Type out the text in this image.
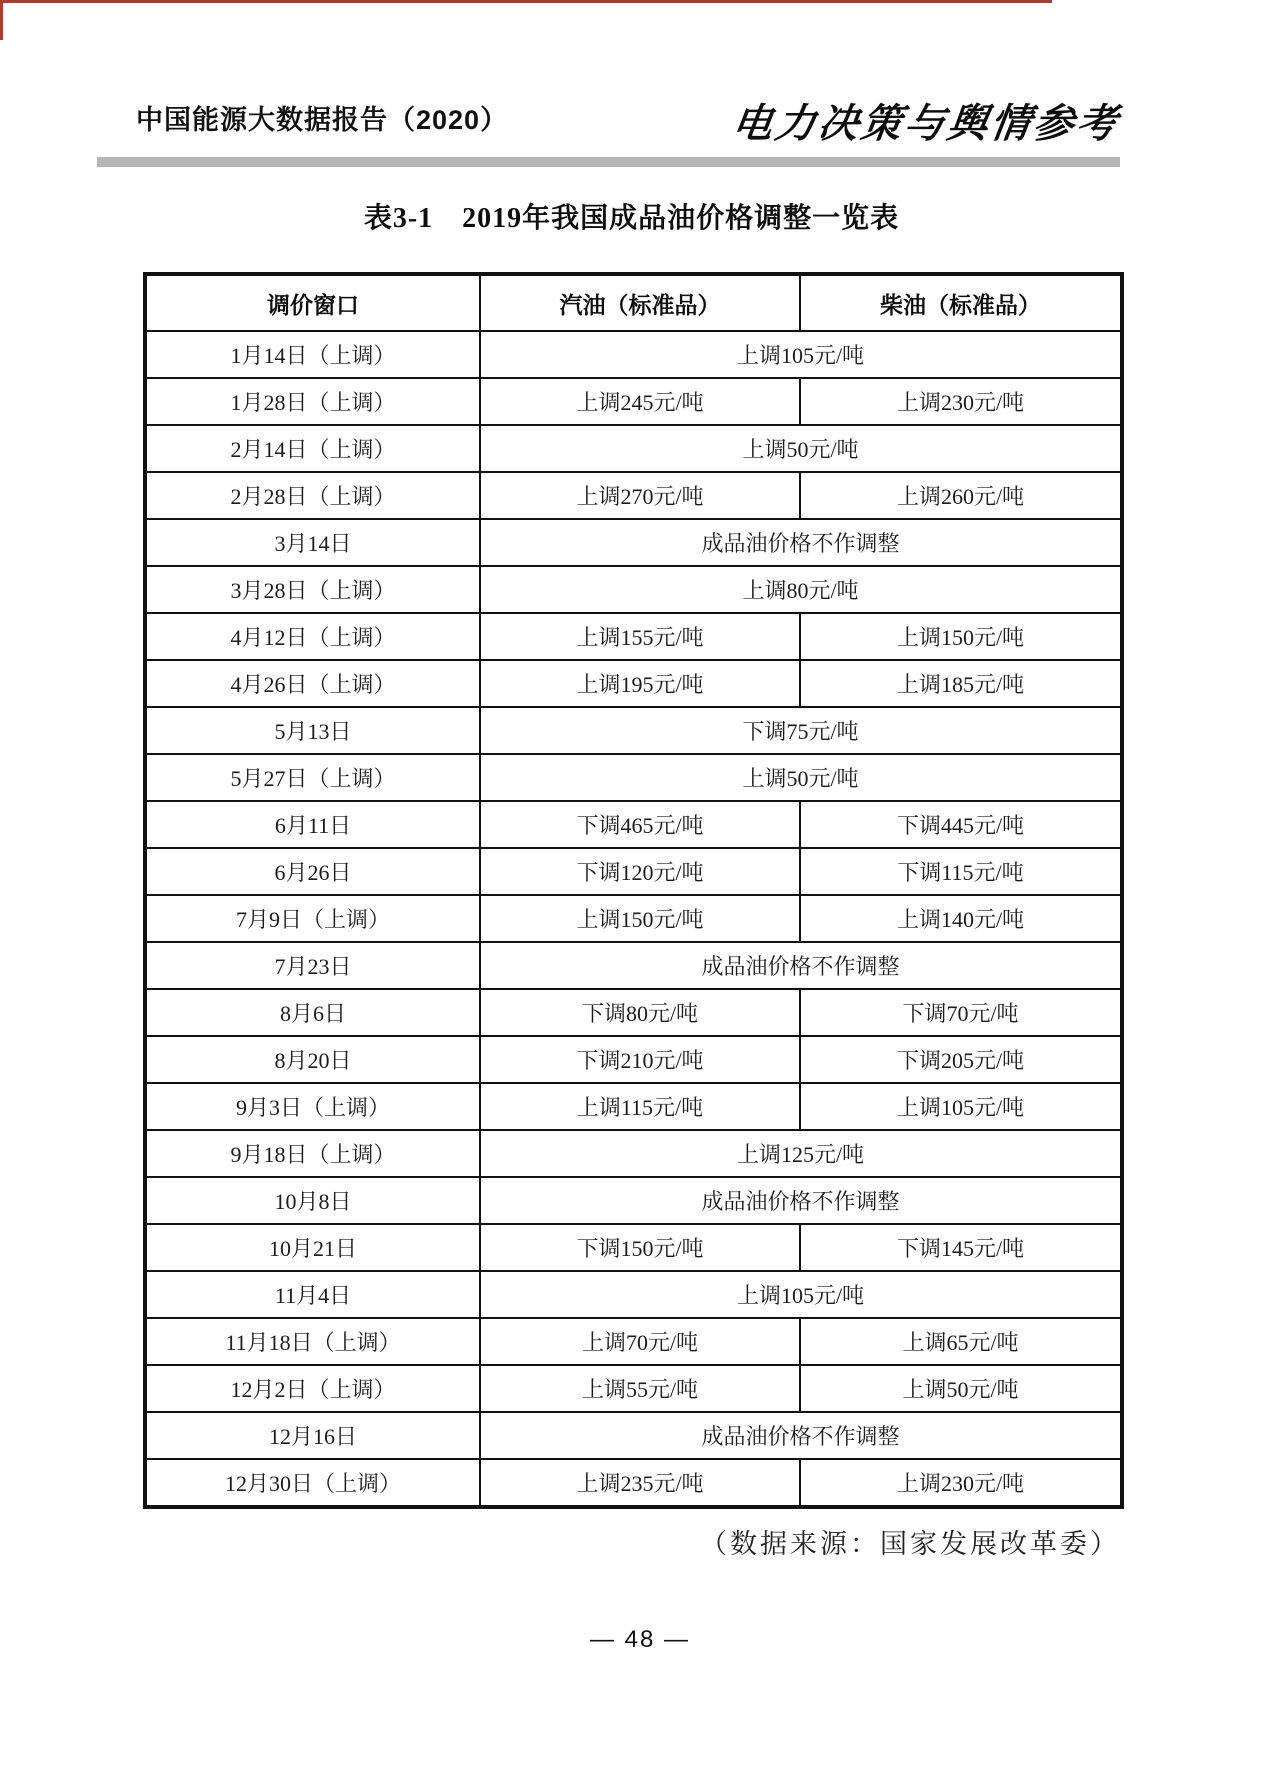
中国能源大数据报告（2020）	电力决策与舆情参考
表3-1　2019年我国成品油价格调整一览表
调价窗口	汽油（标准品）	柴油（标准品）
1月14日（上调）	上调105元/吨	
1月28日（上调）	上调245元/吨	上调230元/吨
2月14日（上调）	上调50元/吨	
2月28日（上调）	上调270元/吨	上调260元/吨
3月14日	成品油价格不作调整	
3月28日（上调）	上调80元/吨	
4月12日（上调）	上调155元/吨	上调150元/吨
4月26日（上调）	上调195元/吨	上调185元/吨
5月13日	下调75元/吨	
5月27日（上调）	上调50元/吨	
6月11日	下调465元/吨	下调445元/吨
6月26日	下调120元/吨	下调115元/吨
7月9日（上调）	上调150元/吨	上调140元/吨
7月23日	成品油价格不作调整	
8月6日	下调80元/吨	下调70元/吨
8月20日	下调210元/吨	下调205元/吨
9月3日（上调）	上调115元/吨	上调105元/吨
9月18日（上调）	上调125元/吨	
10月8日	成品油价格不作调整	
10月21日	下调150元/吨	下调145元/吨
11月4日	上调105元/吨	
11月18日（上调）	上调70元/吨	上调65元/吨
12月2日（上调）	上调55元/吨	上调50元/吨
12月16日	成品油价格不作调整	
12月30日（上调）	上调235元/吨	上调230元/吨
（数据来源：国家发展改革委）
— 48 —
